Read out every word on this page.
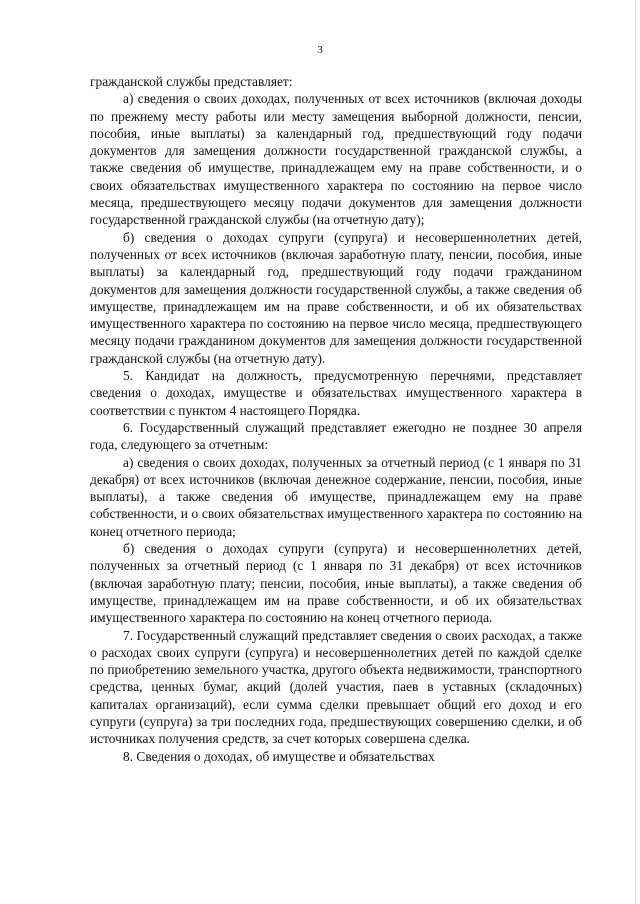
3

гражданской службы представляет:

а) сведения о своих доходах, полученных от всех источников (включая доходы по прежнему месту работы или месту замещения выборной должности, пенсии, пособия, иные выплаты) за календарный год, предшествующий году подачи документов для замещения должности государственной гражданской службы, а также сведения об имуществе, принадлежащем ему на праве собственности, и о своих обязательствах имущественного характера по состоянию на первое число месяца, предшествующего месяцу подачи документов для замещения должности государственной гражданской службы (на отчетную дату);

б) сведения о доходах супруги (супруга) и несовершеннолетних детей, полученных от всех источников (включая заработную плату, пенсии, пособия, иные выплаты) за календарный год, предшествующий году подачи гражданином документов для замещения должности государственной службы, а также сведения об имуществе, принадлежащем им на праве собственности, и об их обязательствах имущественного характера по состоянию на первое число месяца, предшествующего месяцу подачи гражданином документов для замещения должности государственной гражданской службы (на отчетную дату).

5. Кандидат на должность, предусмотренную перечнями, представляет сведения о доходах, имуществе и обязательствах имущественного характера в соответствии с пунктом 4 настоящего Порядка.

6. Государственный служащий представляет ежегодно не позднее 30 апреля года, следующего за отчетным:

а) сведения о своих доходах, полученных за отчетный период (с 1 января по 31 декабря) от всех источников (включая денежное содержание, пенсии, пособия, иные выплаты), а также сведения об имуществе, принадлежащем ему на праве собственности, и о своих обязательствах имущественного характера по состоянию на конец отчетного периода;

б) сведения о доходах супруги (супруга) и несовершеннолетних детей, полученных за отчетный период (с 1 января по 31 декабря) от всех источников (включая заработную плату; пенсии, пособия, иные выплаты), а также сведения об имуществе, принадлежащем им на праве собственности, и об их обязательствах имущественного характера по состоянию на конец отчетного периода.

7. Государственный служащий представляет сведения о своих расходах, а также о расходах своих супруги (супруга) и несовершеннолетних детей по каждой сделке по приобретению земельного участка, другого объекта недвижимости, транспортного средства, ценных бумаг, акций (долей участия, паев в уставных (складочных) капиталах организаций), если сумма сделки превышает общий его доход и его супруги (супруга) за три последних года, предшествующих совершению сделки, и об источниках получения средств, за счет которых совершена сделка.

8. Сведения о доходах, об имуществе и обязательствах
